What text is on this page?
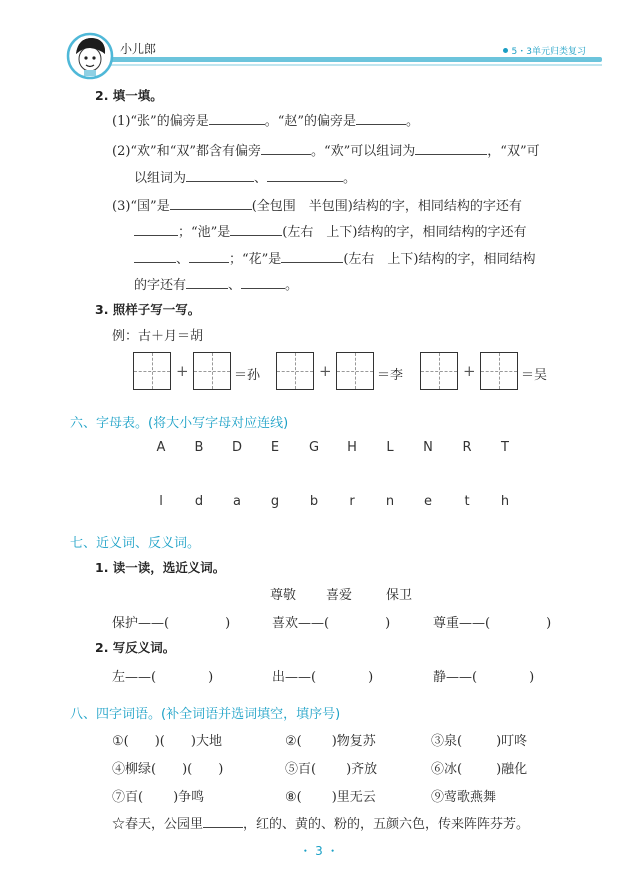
小儿郎	5・3单元归类复习
2. 填一填。
(1)“张”的偏旁是	。“赵”的偏旁是	。
(2)“欢”和“双”都含有偏旁	。“欢”可以组词为	，“双”可
以组词为	、	。
(3)“国”是	(全包围　半包围)结构的字，相同结构的字还有
；“池”是	(左右　上下)结构的字，相同结构的字还有
、	；“花”是	(左右　上下)结构的字，相同结构
的字还有	、	。
3. 照样子写一写。
例：古＋月＝胡
+	＝孙	+	＝李	+	＝吴
六、字母表。(将大小写字母对应连线)
A	B	D	E	G	H	L	N	R	T
l	d	a	g	b	r	n	e	t	h
七、近义词、反义词。
1. 读一读，选近义词。
尊敬 喜爱	保卫
保护——(	)	喜欢——(	)	尊重——(	)
2. 写反义词。
左——(	)	出——(	)	静——(	)
八、四字词语。(补全词语并选词填空，填序号)
①( )( )大地	②( )物复苏	③泉(	)叮咚
④柳绿( )( )	⑤百( )齐放	⑥冰(	)融化
⑦百( )争鸣	⑧( )里无云	⑨莺歌燕舞
☆春天，公园里	，红的、黄的、粉的，五颜六色，传来阵阵芬芳。
・ 3 ・
